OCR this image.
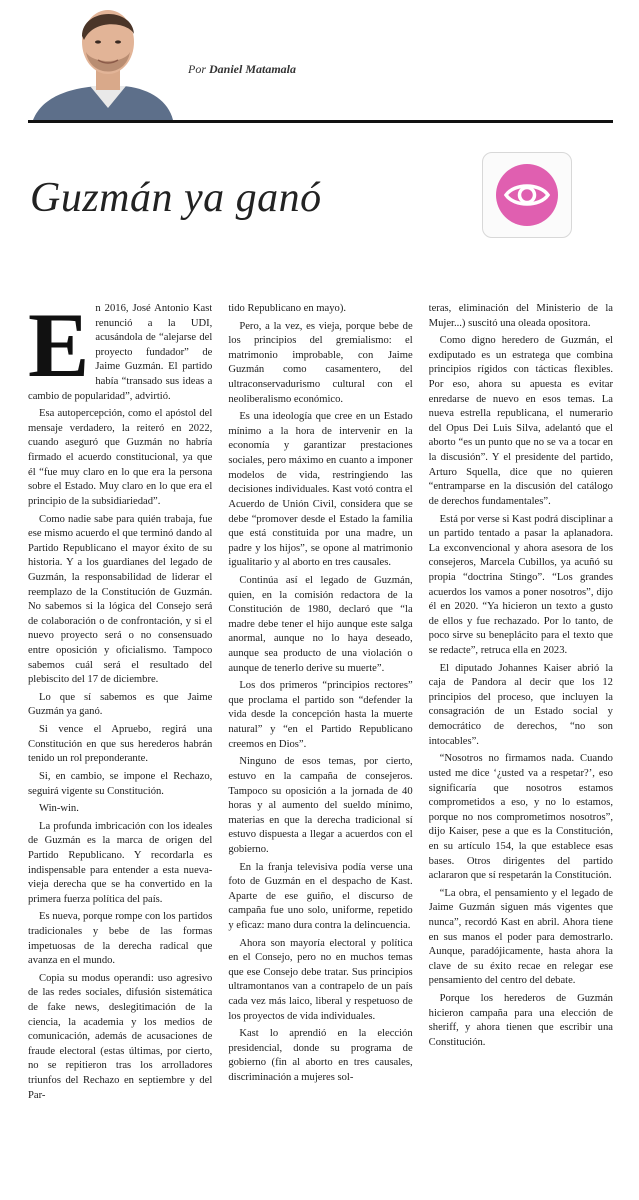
Por Daniel Matamala
Guzmán ya ganó

En 2016, José Antonio Kast renunció a la UDI, acusándola de “alejarse del proyecto fundador” de Jaime Guzmán. El partido había “transado sus ideas a cambio de popularidad”, advirtió.

Esa autopercepción, como el apóstol del mensaje verdadero, la reiteró en 2022, cuando aseguró que Guzmán no habría firmado el acuerdo constitucional, ya que él “fue muy claro en lo que era la persona sobre el Estado. Muy claro en lo que era el principio de la subsidiariedad”.

Como nadie sabe para quién trabaja, fue ese mismo acuerdo el que terminó dando al Partido Republicano el mayor éxito de su historia. Y a los guardianes del legado de Guzmán, la responsabilidad de liderar el reemplazo de la Constitución de Guzmán. No sabemos si la lógica del Consejo será de colaboración o de confrontación, y si el nuevo proyecto será o no consensuado entre oposición y oficialismo. Tampoco sabemos cuál será el resultado del plebiscito del 17 de diciembre.

Lo que sí sabemos es que Jaime Guzmán ya ganó.

Si vence el Apruebo, regirá una Constitución en que sus herederos habrán tenido un rol preponderante.

Si, en cambio, se impone el Rechazo, seguirá vigente su Constitución.

Win-win.

La profunda imbricación con los ideales de Guzmán es la marca de origen del Partido Republicano. Y recordarla es indispensable para entender a esta nueva-vieja derecha que se ha convertido en la primera fuerza política del país.

Es nueva, porque rompe con los partidos tradicionales y bebe de las formas impetuosas de la derecha radical que avanza en el mundo.

Copia su modus operandi: uso agresivo de las redes sociales, difusión sistemática de fake news, deslegitimación de la ciencia, la academia y los medios de comunicación, además de acusaciones de fraude electoral (estas últimas, por cierto, no se repitieron tras los arrolladores triunfos del Rechazo en septiembre y del Par-

tido Republicano en mayo).

Pero, a la vez, es vieja, porque bebe de los principios del gremialismo: el matrimonio improbable, con Jaime Guzmán como casamentero, del ultraconservadurismo cultural con el neoliberalismo económico.

Es una ideología que cree en un Estado mínimo a la hora de intervenir en la economía y garantizar prestaciones sociales, pero máximo en cuanto a imponer modelos de vida, restringiendo las decisiones individuales. Kast votó contra el Acuerdo de Unión Civil, considera que se debe “promover desde el Estado la familia que está constituida por una madre, un padre y los hijos”, se opone al matrimonio igualitario y al aborto en tres causales.

Continúa así el legado de Guzmán, quien, en la comisión redactora de la Constitución de 1980, declaró que “la madre debe tener el hijo aunque este salga anormal, aunque no lo haya deseado, aunque sea producto de una violación o aunque de tenerlo derive su muerte”.

Los dos primeros “principios rectores” que proclama el partido son “defender la vida desde la concepción hasta la muerte natural” y “en el Partido Republicano creemos en Dios”.

Ninguno de esos temas, por cierto, estuvo en la campaña de consejeros. Tampoco su oposición a la jornada de 40 horas y al aumento del sueldo mínimo, materias en que la derecha tradicional sí estuvo dispuesta a llegar a acuerdos con el gobierno.

En la franja televisiva podía verse una foto de Guzmán en el despacho de Kast. Aparte de ese guiño, el discurso de campaña fue uno solo, uniforme, repetido y eficaz: mano dura contra la delincuencia.

Ahora son mayoría electoral y política en el Consejo, pero no en muchos temas que ese Consejo debe tratar. Sus principios ultramontanos van a contrapelo de un país cada vez más laico, liberal y respetuoso de los proyectos de vida individuales.

Kast lo aprendió en la elección presidencial, donde su programa de gobierno (fin al aborto en tres causales, discriminación a mujeres sol-

teras, eliminación del Ministerio de la Mujer...) suscitó una oleada opositora.

Como digno heredero de Guzmán, el exdiputado es un estratega que combina principios rígidos con tácticas flexibles. Por eso, ahora su apuesta es evitar enredarse de nuevo en esos temas. La nueva estrella republicana, el numerario del Opus Dei Luis Silva, adelantó que el aborto “es un punto que no se va a tocar en la discusión”. Y el presidente del partido, Arturo Squella, dice que no quieren “entramparse en la discusión del catálogo de derechos fundamentales”.

Está por verse si Kast podrá disciplinar a un partido tentado a pasar la aplanadora. La exconvencional y ahora asesora de los consejeros, Marcela Cubillos, ya acuñó su propia “doctrina Stingo”. “Los grandes acuerdos los vamos a poner nosotros”, dijo él en 2020. “Ya hicieron un texto a gusto de ellos y fue rechazado. Por lo tanto, de poco sirve su beneplácito para el texto que se redacte”, retruca ella en 2023.

El diputado Johannes Kaiser abrió la caja de Pandora al decir que los 12 principios del proceso, que incluyen la consagración de un Estado social y democrático de derechos, “no son intocables”.

“Nosotros no firmamos nada. Cuando usted me dice ‘¿usted va a respetar?’, eso significaría que nosotros estamos comprometidos a eso, y no lo estamos, porque no nos comprometimos nosotros”, dijo Kaiser, pese a que es la Constitución, en su artículo 154, la que establece esas bases. Otros dirigentes del partido aclararon que sí respetarán la Constitución.

“La obra, el pensamiento y el legado de Jaime Guzmán siguen más vigentes que nunca”, recordó Kast en abril. Ahora tiene en sus manos el poder para demostrarlo. Aunque, paradójicamente, hasta ahora la clave de su éxito recae en relegar ese pensamiento del centro del debate.

Porque los herederos de Guzmán hicieron campaña para una elección de sheriff, y ahora tienen que escribir una Constitución.
